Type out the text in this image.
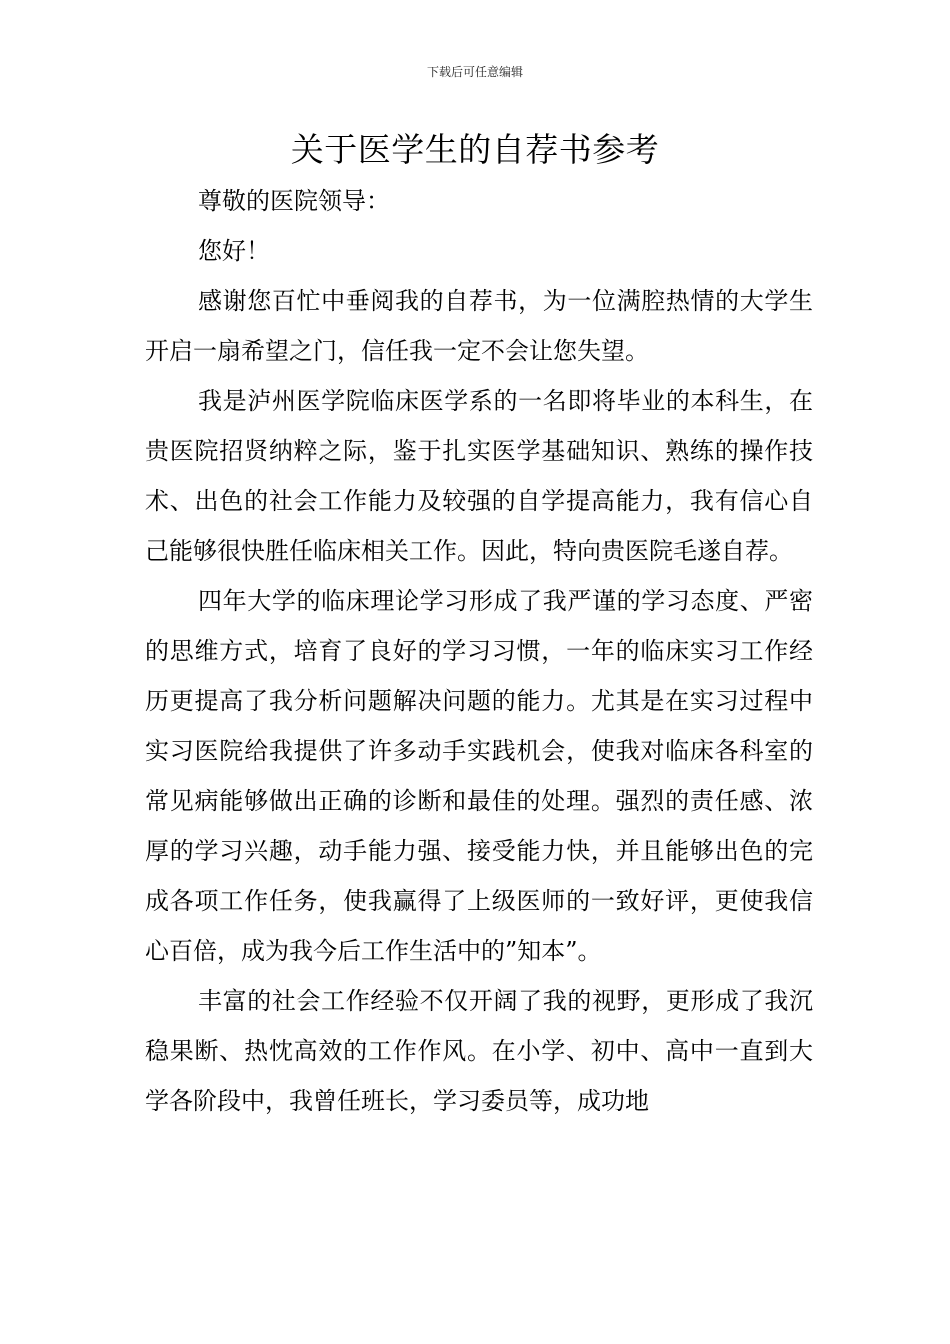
下载后可任意编辑
关于医学生的自荐书参考

尊敬的医院领导：

您好！

感谢您百忙中垂阅我的自荐书，为一位满腔热情的大学生开启一扇希望之门，信任我一定不会让您失望。

我是泸州医学院临床医学系的一名即将毕业的本科生，在贵医院招贤纳粹之际，鉴于扎实医学基础知识、熟练的操作技术、出色的社会工作能力及较强的自学提高能力，我有信心自己能够很快胜任临床相关工作。因此，特向贵医院毛遂自荐。

四年大学的临床理论学习形成了我严谨的学习态度、严密的思维方式，培育了良好的学习习惯，一年的临床实习工作经历更提高了我分析问题解决问题的能力。尤其是在实习过程中实习医院给我提供了许多动手实践机会，使我对临床各科室的常见病能够做出正确的诊断和最佳的处理。强烈的责任感、浓厚的学习兴趣，动手能力强、接受能力快，并且能够出色的完成各项工作任务，使我赢得了上级医师的一致好评，更使我信心百倍，成为我今后工作生活中的”知本”。

丰富的社会工作经验不仅开阔了我的视野，更形成了我沉稳果断、热忱高效的工作作风。在小学、初中、高中一直到大学各阶段中，我曾任班长，学习委员等，成功地
